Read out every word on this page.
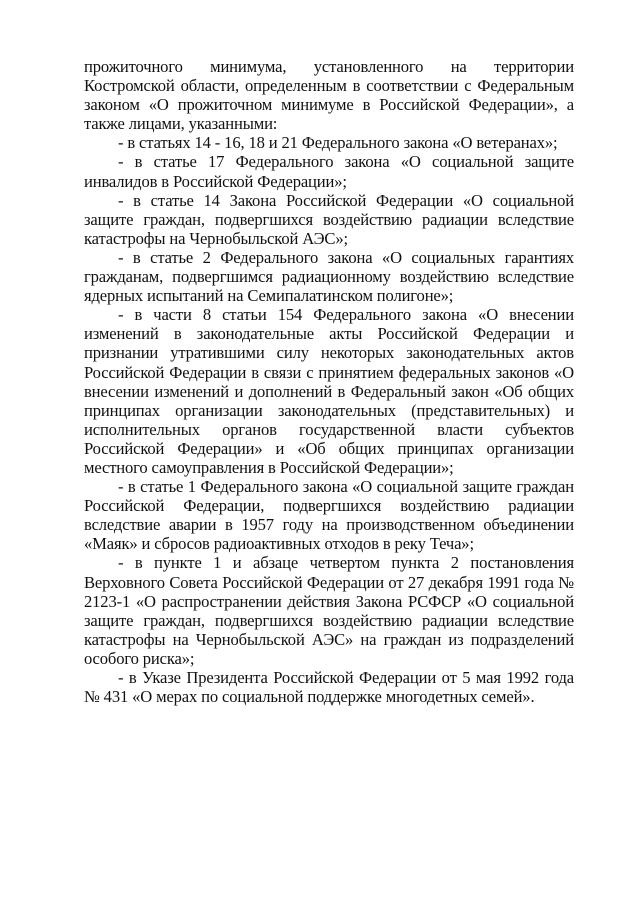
прожиточного минимума, установленного на территории Костромской области, определенным в соответствии с Федеральным законом «О прожиточном минимуме в Российской Федерации», а также лицами, указанными:

- в статьях 14 - 16, 18 и 21 Федерального закона «О ветеранах»;

- в статье 17 Федерального закона «О социальной защите инвалидов в Российской Федерации»;

- в статье 14 Закона Российской Федерации «О социальной защите граждан, подвергшихся воздействию радиации вследствие катастрофы на Чернобыльской АЭС»;

- в статье 2 Федерального закона «О социальных гарантиях гражданам, подвергшимся радиационному воздействию вследствие ядерных испытаний на Семипалатинском полигоне»;

- в части 8 статьи 154 Федерального закона «О внесении изменений в законодательные акты Российской Федерации и признании утратившими силу некоторых законодательных актов Российской Федерации в связи с принятием федеральных законов «О внесении изменений и дополнений в Федеральный закон «Об общих принципах организации законодательных (представительных) и исполнительных органов государственной власти субъектов Российской Федерации» и «Об общих принципах организации местного самоуправления в Российской Федерации»;

- в статье 1 Федерального закона «О социальной защите граждан Российской Федерации, подвергшихся воздействию радиации вследствие аварии в 1957 году на производственном объединении «Маяк» и сбросов радиоактивных отходов в реку Теча»;

- в пункте 1 и абзаце четвертом пункта 2 постановления Верховного Совета Российской Федерации от 27 декабря 1991 года № 2123-1 «О распространении действия Закона РСФСР «О социальной защите граждан, подвергшихся воздействию радиации вследствие катастрофы на Чернобыльской АЭС» на граждан из подразделений особого риска»;

- в Указе Президента Российской Федерации от 5 мая 1992 года № 431 «О мерах по социальной поддержке многодетных семей».
